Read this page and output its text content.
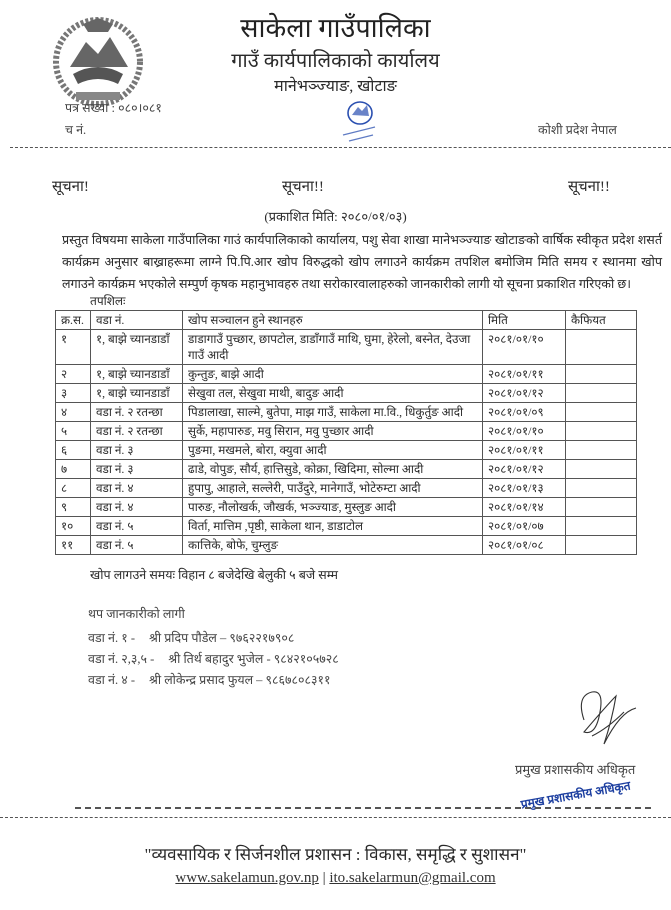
साकेला गाउँपालिका
गाउँ कार्यपालिकाको कार्यालय
मानेभञ्ज्याङ, खोटाङ
पत्र सख्या : ०८०।०८१
च नं.	कोशी प्रदेश नेपाल
सूचना!	सूचना!!	सूचना!!
(प्रकाशित मिति: २०८०/०१/०३)
प्रस्तुत विषयमा साकेला गाउँपालिका गाउं कार्यपालिकाको कार्यालय, पशु सेवा शाखा मानेभञ्ज्याङ खोटाङको वार्षिक स्वीकृत प्रदेश शसर्त कार्यक्रम अनुसार बाख्राहरूमा लाग्ने पि.पि.आर खोप विरुद्धको खोप लगाउने कार्यक्रम तपशिल बमोजिम मिति समय र स्थानमा खोप लगाउने कार्यक्रम भएकोले सम्पुर्ण कृषक महानुभावहरु तथा सरोकारवालाहरुको जानकारीको लागी यो सूचना प्रकाशित गरिएको छ।
तपशिलः
क्र.स.	वडा नं.	खोप सञ्चालन हुने स्थानहरु	मिति	कैफियत
१	१, बाझे च्यानडाडाँ	डाडागाउँ पुच्छार, छापटोल, डाडाँगाउँ माथि, घुमा, हेरेलो, बस्नेत, देउजा गाउँ आदी	२०८१/०१/१०	
२	१, बाझे च्यानडाडाँ	कुन्तुङ, बाझे आदी	२०८१/०१/११	
३	१, बाझे च्यानडाडाँ	सेखुवा तल, सेखुवा माथी, बादुङ आदी	२०८१/०१/१२	
४	वडा नं. २ रतन्छा	पिडालाखा, साल्मे, बुतेपा, माझ गाउँ, साकेला मा.वि., धिकुर्तुङ आदी	२०८१/०१/०९	
५	वडा नं. २ रतन्छा	सुर्के, महापारुङ, मवु सिरान, मवु पुच्छार आदी	२०८१/०१/१०	
६	वडा नं. ३	पुङमा, मखमले, बोरा, क्युवा आदी	२०८१/०१/११	
७	वडा नं. ३	ढाडे, वोपुङ, सौर्य, हात्तिसुडे, कोक्रा, खिदिमा, सोल्मा आदी	२०८१/०१/१२	
८	वडा नं. ४	हुपापु, आहाले, सल्लेरी, पाउँदुरे, मानेगाउँ, भोटेरुम्टा आदी	२०८१/०१/१३	
९	वडा नं. ४	पारुङ, नौलोखर्क, जौखर्क, भञ्ज्याङ, मुस्लुङ आदी	२०८१/०१/१४	
१०	वडा नं. ५	विर्ता, मात्तिम ,पृष्ठी, साकेला थान, डाडाटोल	२०८१/०१/०७	
११	वडा नं. ५	कात्तिके, बोफे, चुम्लुङ	२०८१/०१/०८	
खोप लागउने समयः विहान ८ बजेदेखि बेलुकी ५ बजे सम्म
थप जानकारीको लागी
वडा नं. १ - श्री प्रदिप पौडेल – ९७६२२१७९०८
वडा नं. २,३,५ - श्री तिर्थ बहादुर भुजेल - ९८४२१०५७२८
वडा नं. ४ - श्री लोकेन्द्र प्रसाद फुयल – ९८६७८०८३११
प्रमुख प्रशासकीय अधिकृत
प्रमुख प्रशासकीय अधिकृत
"व्यवसायिक र सिर्जनशील प्रशासन : विकास, समृद्धि र सुशासन"
www.sakelamun.gov.np | ito.sakelarmun@gmail.com
